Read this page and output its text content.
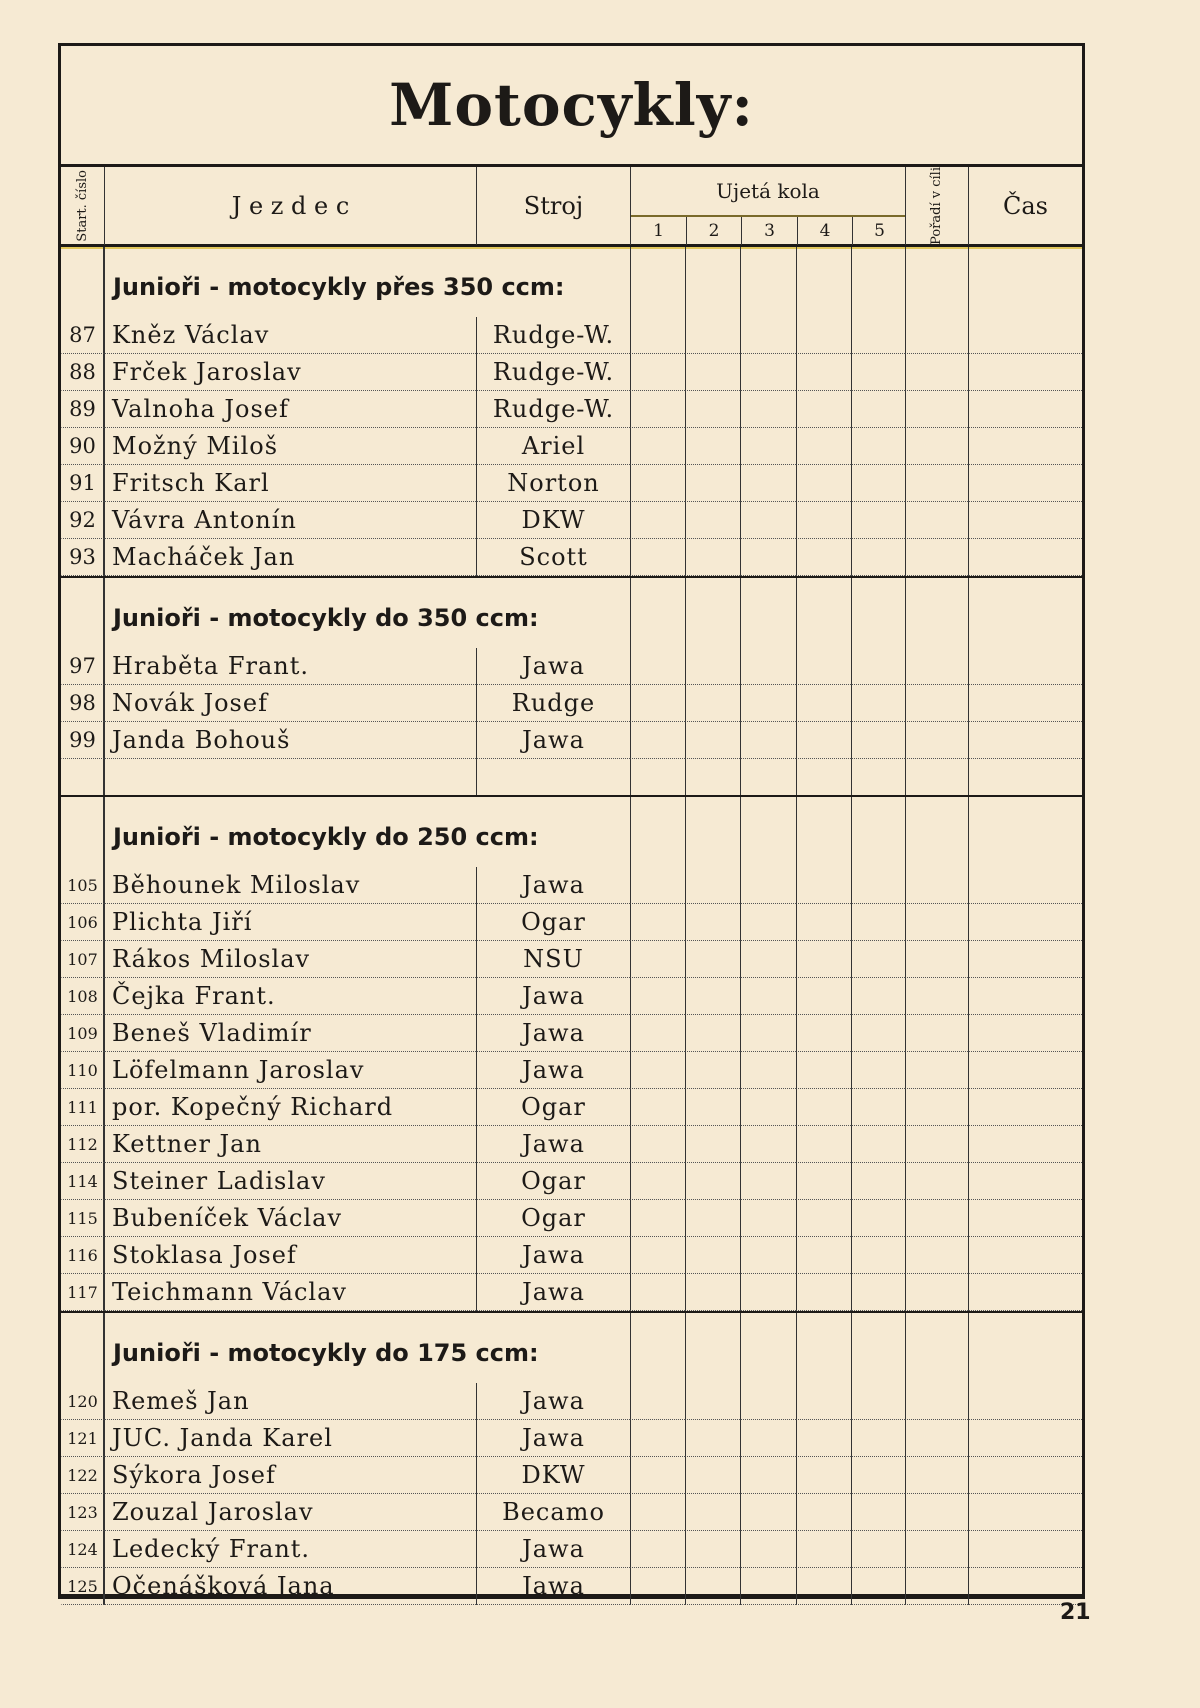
Motocykly:
Start. číslo	J e z d e c	Stroj
Ujetá kola
1	2	3	4	5	Pořadí v cíli	Čas
Junioři - motocykly přes 350 ccm:
87 Kněz Václav	Rudge-W.
88 Frček Jaroslav	Rudge-W.
89 Valnoha Josef	Rudge-W.
90 Možný Miloš	Ariel
91 Fritsch Karl	Norton
92 Vávra Antonín	DKW
93 Macháček Jan	Scott
Junioři - motocykly do 350 ccm:
97 Hraběta Frant.	Jawa
98 Novák Josef	Rudge
99 Janda Bohouš	Jawa
Junioři - motocykly do 250 ccm:
105 Běhounek Miloslav	Jawa
106 Plichta Jiří	Ogar
107 Rákos Miloslav	NSU
108 Čejka Frant.	Jawa
109 Beneš Vladimír	Jawa
110 Löfelmann Jaroslav	Jawa
111 por. Kopečný Richard	Ogar
112 Kettner Jan	Jawa
114 Steiner Ladislav	Ogar
115 Bubeníček Václav	Ogar
116 Stoklasa Josef	Jawa
117 Teichmann Václav	Jawa
Junioři - motocykly do 175 ccm:
120 Remeš Jan	Jawa
121 JUC. Janda Karel	Jawa
122 Sýkora Josef	DKW
123 Zouzal Jaroslav	Becamo
124 Ledecký Frant.	Jawa
125 Očenášková Jana	Jawa
21
